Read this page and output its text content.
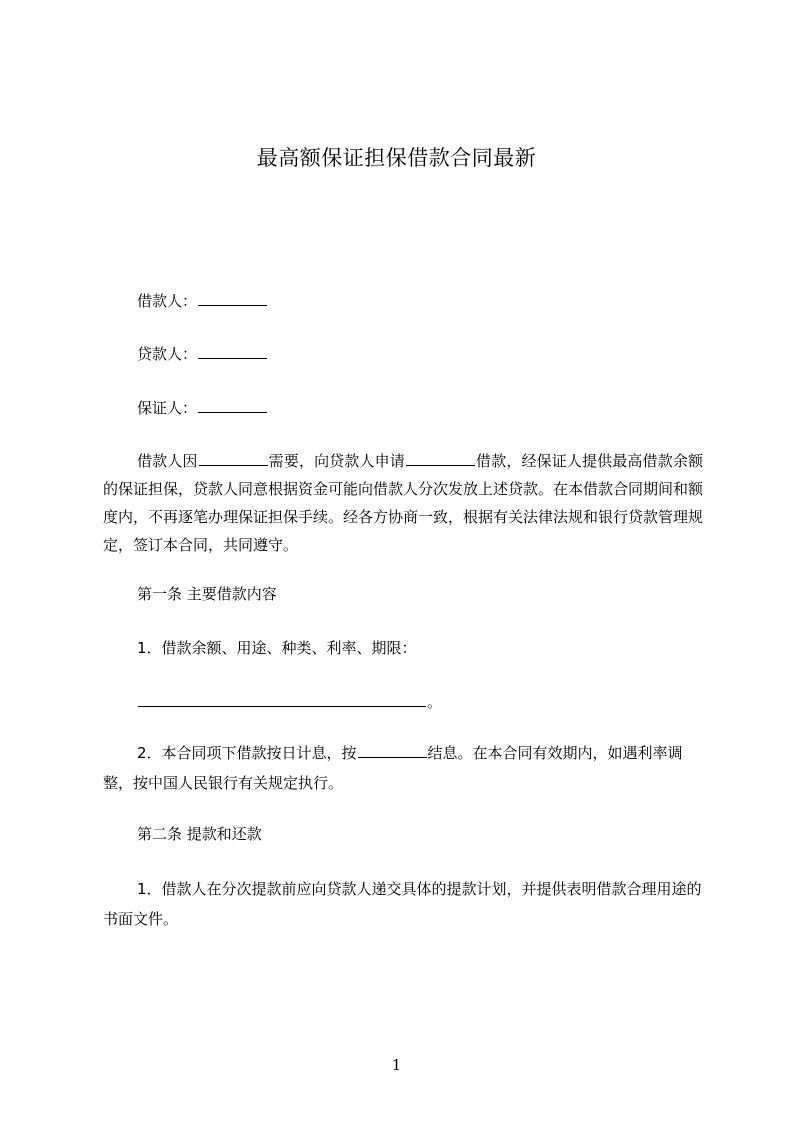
最高额保证担保借款合同最新
借款人：
贷款人：
保证人：
借款人因	需要，向贷款人申请	借款，经保证人提供最高借款余额的保证担保，贷款人同意根据资金可能向借款人分次发放上述贷款。在本借款合同期间和额度内，不再逐笔办理保证担保手续。经各方协商一致，根据有关法律法规和银行贷款管理规定，签订本合同，共同遵守。
第一条 主要借款内容
1．借款余额、用途、种类、利率、期限：
。
2．本合同项下借款按日计息，按	结息。在本合同有效期内，如遇利率调整，按中国人民银行有关规定执行。
第二条 提款和还款
1．借款人在分次提款前应向贷款人递交具体的提款计划，并提供表明借款合理用途的书面文件。
1
